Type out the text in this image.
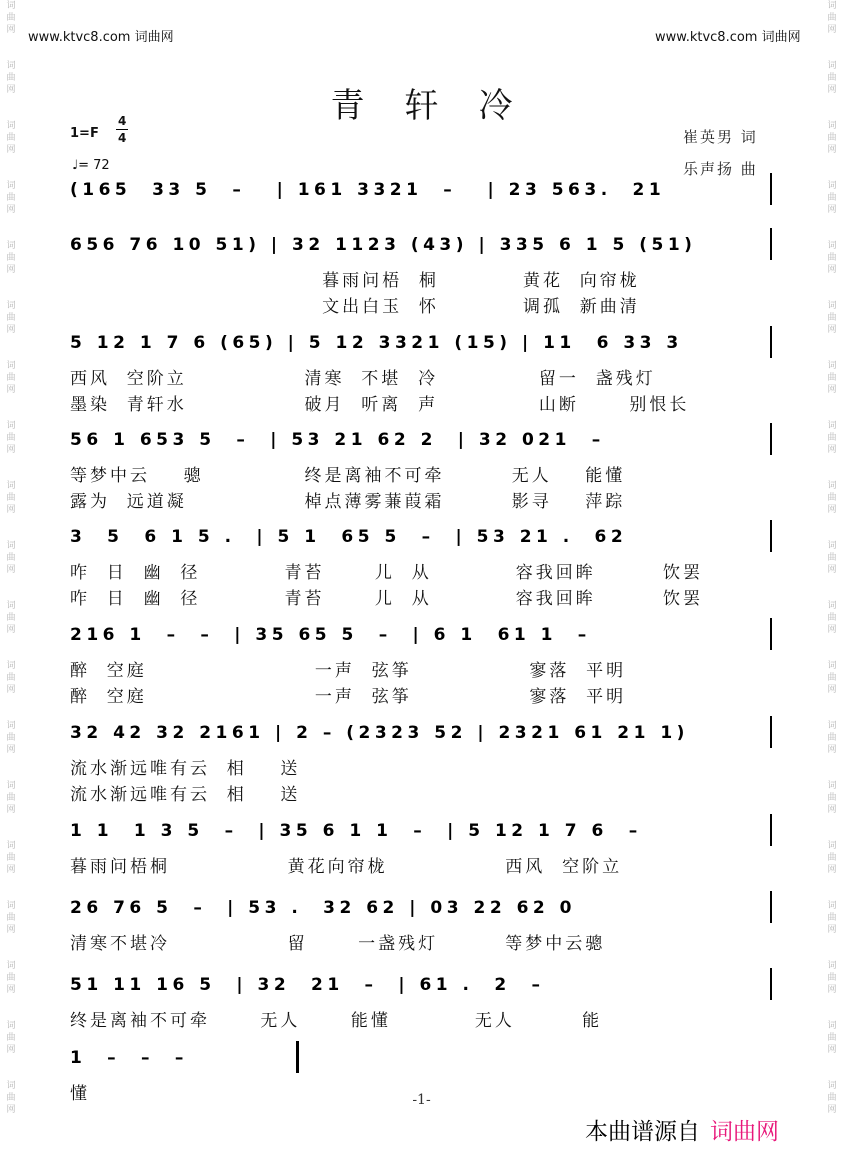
词
曲
网
词
曲
网
词
曲
网
词
曲
网
词
曲
网
词
曲
网
词
曲
网
词
曲
网
词
曲
网
词
曲
网
词
曲
网
词
曲
网
词
曲
网
词
曲
网
词
曲
网
词
曲
网
词
曲
网
词
曲
网
词
曲
网
词
曲
网
词
曲
网
词
曲
网
词
曲
网
词
曲
网
词
曲
网
词
曲
网
词
曲
网
词
曲
网
词
曲
网
词
曲
网
词
曲
网
词
曲
网
词
曲
网
词
曲
网
词
曲
网
词
曲
网
词
曲
网
词
曲
网
www.ktvc8.com 词曲网	www.ktvc8.com 词曲网
青轩冷
1=F
4
4
♩= 72
崔英男 词
乐声扬 曲
(165  33 5  –   | 161 3321  –   | 23 563.  21
656 76 10 51) | 32 1123 (43) | 335 6 1 5 (51)
暮雨问梧  桐          黄花  向帘栊
文出白玉  怀          调孤  新曲清
5 12 1 7 6 (65) | 5 12 3321 (15) | 11  6 33 3
西风  空阶立              清寒  不堪  冷            留一  盏残灯
墨染  青轩水              破月  听离  声            山断      别恨长
56 1 653 5  –  | 53 21 62 2  | 32 021  –
等梦中云    骢            终是离袖不可牵        无人    能懂
露为  远道凝              棹点薄雾蒹葭霜        影寻    萍踪
3  5  6 1 5 .  | 5 1  65 5  –  | 53 21 .  62
咋  日  幽  径          青苔      儿  从          容我回眸        饮罢
咋  日  幽  径          青苔      儿  从          容我回眸        饮罢
216 1  –  –  | 35 65 5  –  | 6 1  61 1  –
醉  空庭                    一声  弦筝              寥落  平明
醉  空庭                    一声  弦筝              寥落  平明
32 42 32 2161 | 2 – (2323 52 | 2321 61 21 1)
流水渐远唯有云  相    送
流水渐远唯有云  相    送
1 1  1 3 5  –  | 35 6 1 1  –  | 5 12 1 7 6  –
暮雨问梧桐              黄花向帘栊              西风  空阶立
26 76 5  –  | 53 .  32 62 | 03 22 62 0
清寒不堪冷              留      一盏残灯        等梦中云骢
51 11 16 5  | 32  21  –  | 61 .  2  –
终是离袖不可牵      无人      能懂          无人        能
1  –  –  –
懂	-1-
本曲谱源自 词曲网
